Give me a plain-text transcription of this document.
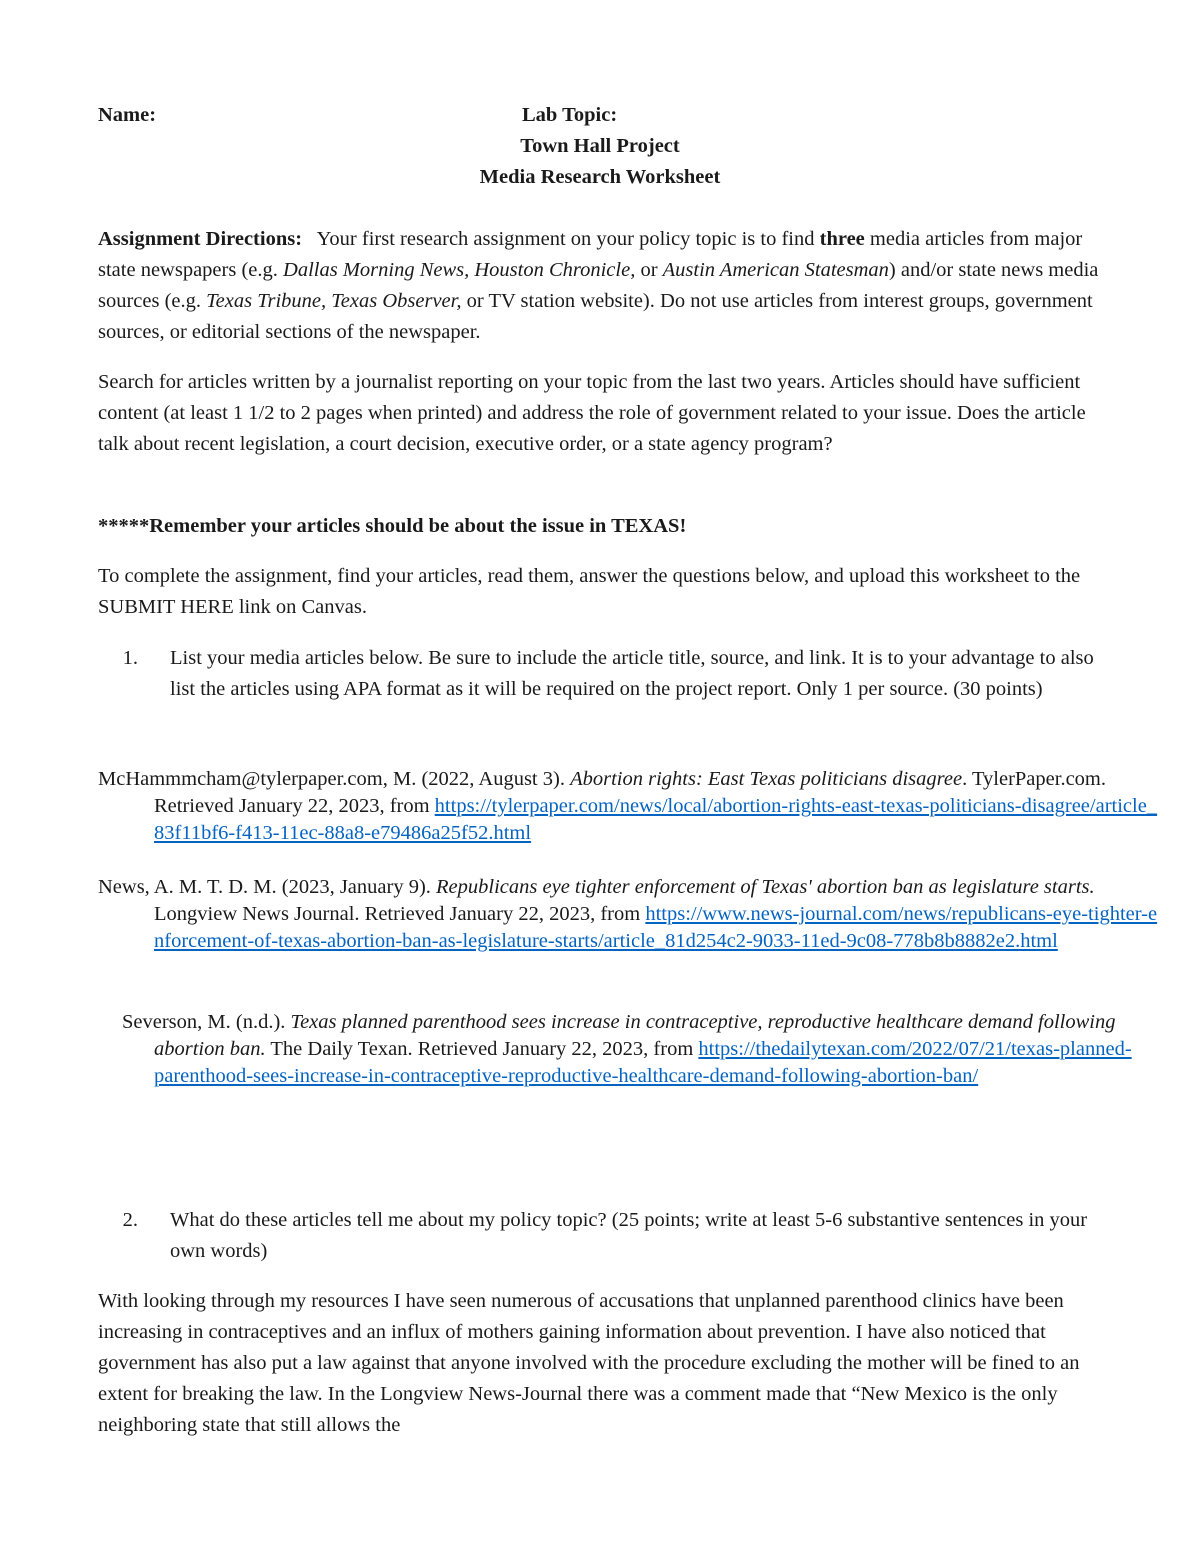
Name:	Lab Topic:
Town Hall Project
Media Research Worksheet

Assignment Directions: Your first research assignment on your policy topic is to find three media articles from major state newspapers (e.g. Dallas Morning News, Houston Chronicle, or Austin American Statesman) and/or state news media sources (e.g. Texas Tribune, Texas Observer, or TV station website). Do not use articles from interest groups, government sources, or editorial sections of the newspaper.

Search for articles written by a journalist reporting on your topic from the last two years. Articles should have sufficient content (at least 1 1/2 to 2 pages when printed) and address the role of government related to your issue. Does the article talk about recent legislation, a court decision, executive order, or a state agency program?

*****Remember your articles should be about the issue in TEXAS!

To complete the assignment, find your articles, read them, answer the questions below, and upload this worksheet to the SUBMIT HERE link on Canvas.

1.	List your media articles below. Be sure to include the article title, source, and link. It is to your advantage to also list the articles using APA format as it will be required on the project report. Only 1 per source. (30 points)

McHammmcham@tylerpaper.com, M. (2022, August 3). Abortion rights: East Texas politicians disagree. TylerPaper.com. Retrieved January 22, 2023, from https://tylerpaper.com/news/local/abortion-rights-east-texas-politicians-disagree/article_83f11bf6-f413-11ec-88a8-e79486a25f52.html

News, A. M. T. D. M. (2023, January 9). Republicans eye tighter enforcement of Texas' abortion ban as legislature starts. Longview News Journal. Retrieved January 22, 2023, from https://www.news-journal.com/news/republicans-eye-tighter-enforcement-of-texas-abortion-ban-as-legislature-starts/article_81d254c2-9033-11ed-9c08-778b8b8882e2.html

Severson, M. (n.d.). Texas planned parenthood sees increase in contraceptive, reproductive healthcare demand following abortion ban. The Daily Texan. Retrieved January 22, 2023, from https://thedailytexan.com/2022/07/21/texas-planned-parenthood-sees-increase-in-contraceptive-reproductive-healthcare-demand-following-abortion-ban/

2.	What do these articles tell me about my policy topic? (25 points; write at least 5-6 substantive sentences in your own words)

With looking through my resources I have seen numerous of accusations that unplanned parenthood clinics have been increasing in contraceptives and an influx of mothers gaining information about prevention. I have also noticed that government has also put a law against that anyone involved with the procedure excluding the mother will be fined to an extent for breaking the law. In the Longview News-Journal there was a comment made that “New Mexico is the only neighboring state that still allows the
